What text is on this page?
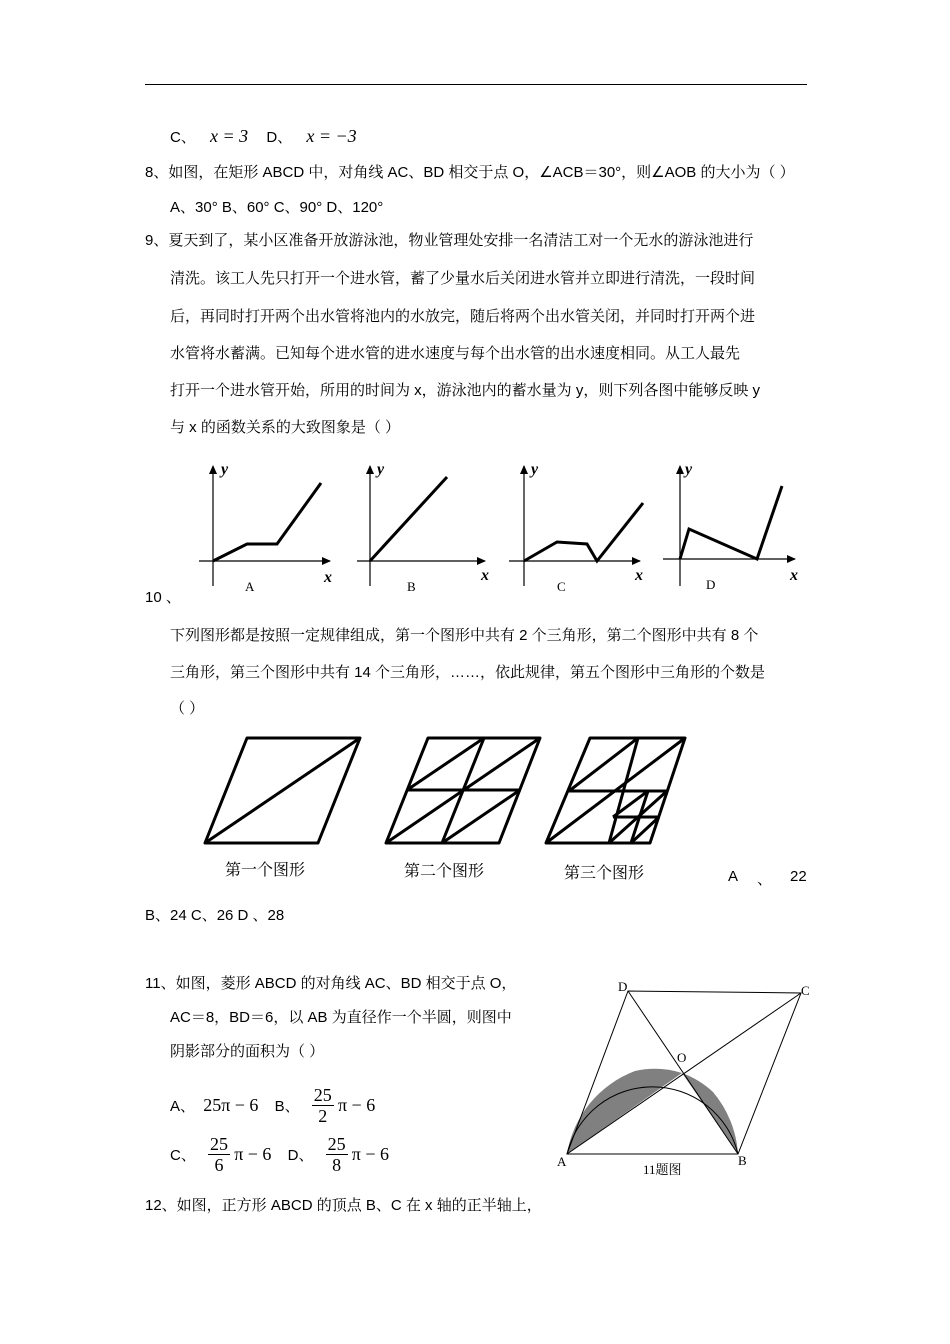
C、 x = 3 D、 x = −3
8、如图，在矩形 ABCD 中，对角线 AC、BD 相交于点 O，∠ACB＝30°，则∠AOB 的大小为（ ）
A、30° B、60° C、90° D、120°
9、夏天到了，某小区准备开放游泳池，物业管理处安排一名清洁工对一个无水的游泳池进行
清洗。该工人先只打开一个进水管，蓄了少量水后关闭进水管并立即进行清洗，一段时间
后，再同时打开两个出水管将池内的水放完，随后将两个出水管关闭，并同时打开两个进
水管将水蓄满。已知每个进水管的进水速度与每个出水管的出水速度相同。从工人最先
打开一个进水管开始，所用的时间为 x，游泳池内的蓄水量为 y，则下列各图中能够反映 y
与 x 的函数关系的大致图象是（ ）
y
x
A
y
x
B
y
x
C
y
x
D
10 、
下列图形都是按照一定规律组成，第一个图形中共有 2 个三角形，第二个图形中共有 8 个
三角形，第三个图形中共有 14 个三角形，……，依此规律，第五个图形中三角形的个数是
（ ）
第一个图形	第二个图形	第三个图形	A 、 22
B、24 C、26 D 、28
11、如图，菱形 ABCD 的对角线 AC、BD 相交于点 O，
AC＝8，BD＝6，以 AB 为直径作一个半圆，则图中
阴影部分的面积为（ ）
A、 25π − 6 B、 $\frac{25}{2}$ π − 6
C、 $\frac{25}{6}$ π − 6 D、 $\frac{25}{8}$ π − 6	A	B
C
D
O
11题图
12、如图，正方形 ABCD 的顶点 B、C 在 x 轴的正半轴上，
